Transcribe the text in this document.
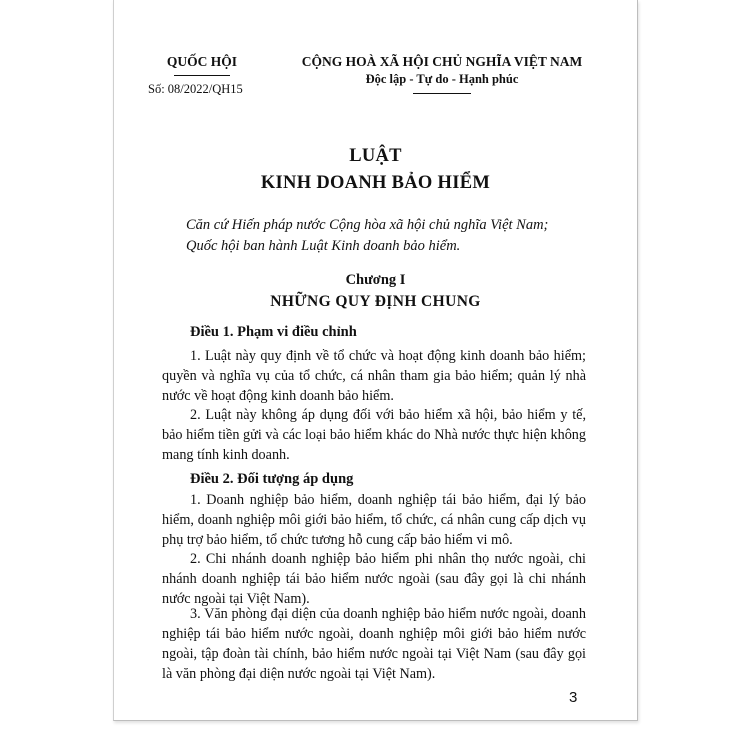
QUỐC HỘI
Số: 08/2022/QH15
CỘNG HOÀ XÃ HỘI CHỦ NGHĨA VIỆT NAM
Độc lập - Tự do - Hạnh phúc
LUẬT
KINH DOANH BẢO HIỂM
Căn cứ Hiến pháp nước Cộng hòa xã hội chủ nghĩa Việt Nam;
Quốc hội ban hành Luật Kinh doanh bảo hiểm.
Chương I
NHỮNG QUY ĐỊNH CHUNG
Điều 1. Phạm vi điều chỉnh

1. Luật này quy định về tổ chức và hoạt động kinh doanh bảo hiểm; quyền và nghĩa vụ của tổ chức, cá nhân tham gia bảo hiểm; quản lý nhà nước về hoạt động kinh doanh bảo hiểm.

2. Luật này không áp dụng đối với bảo hiểm xã hội, bảo hiểm y tế, bảo hiểm tiền gửi và các loại bảo hiểm khác do Nhà nước thực hiện không mang tính kinh doanh.

Điều 2. Đối tượng áp dụng

1. Doanh nghiệp bảo hiểm, doanh nghiệp tái bảo hiểm, đại lý bảo hiểm, doanh nghiệp môi giới bảo hiểm, tổ chức, cá nhân cung cấp dịch vụ phụ trợ bảo hiểm, tổ chức tương hỗ cung cấp bảo hiểm vi mô.

2. Chi nhánh doanh nghiệp bảo hiểm phi nhân thọ nước ngoài, chi nhánh doanh nghiệp tái bảo hiểm nước ngoài (sau đây gọi là chi nhánh nước ngoài tại Việt Nam).

3. Văn phòng đại diện của doanh nghiệp bảo hiểm nước ngoài, doanh nghiệp tái bảo hiểm nước ngoài, doanh nghiệp môi giới bảo hiểm nước ngoài, tập đoàn tài chính, bảo hiểm nước ngoài tại Việt Nam (sau đây gọi là văn phòng đại diện nước ngoài tại Việt Nam).

3
